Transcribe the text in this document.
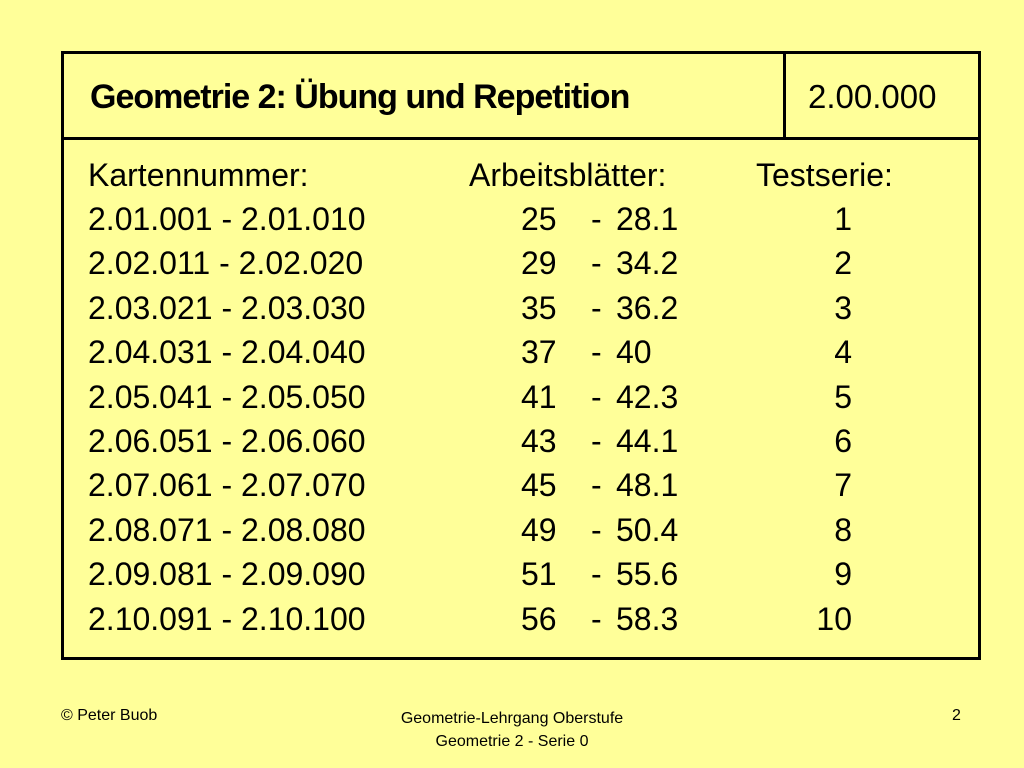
Geometrie 2: Übung und Repetition	2.00.000
Kartennummer:	Arbeitsblätter:	Testserie:
2.01.001 - 2.01.010	25 - 28.1	1
2.02.011 - 2.02.020	29 - 34.2	2
2.03.021 - 2.03.030	35 - 36.2	3
2.04.031 - 2.04.040	37 - 40	4
2.05.041 - 2.05.050	41 - 42.3	5
2.06.051 - 2.06.060	43 - 44.1	6
2.07.061 - 2.07.070	45 - 48.1	7
2.08.071 - 2.08.080	49 - 50.4	8
2.09.081 - 2.09.090	51 - 55.6	9
2.10.091 - 2.10.100	56 - 58.3	10
© Peter Buob	Geometrie-Lehrgang Oberstufe
Geometrie 2 - Serie 0
2
